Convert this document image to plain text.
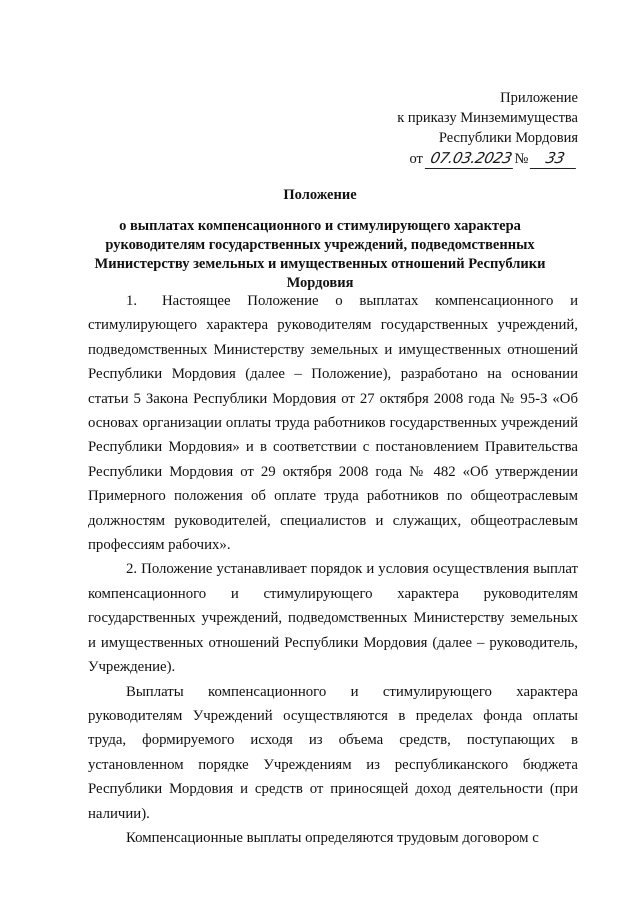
Приложение
к приказу Минземимущества
Республики Мордовия
от 07.03.2023 № 33
Положение
о выплатах компенсационного и стимулирующего характера руководителям государственных учреждений, подведомственных Министерству земельных и имущественных отношений Республики Мордовия

1. Настоящее Положение о выплатах компенсационного и стимулирующего характера руководителям государственных учреждений, подведомственных Министерству земельных и имущественных отношений Республики Мордовия (далее – Положение), разработано на основании статьи 5 Закона Республики Мордовия от 27 октября 2008 года № 95-З «Об основах организации оплаты труда работников государственных учреждений Республики Мордовия» и в соответствии с постановлением Правительства Республики Мордовия от 29 октября 2008 года № 482 «Об утверждении Примерного положения об оплате труда работников по общеотраслевым должностям руководителей, специалистов и служащих, общеотраслевым профессиям рабочих».

2. Положение устанавливает порядок и условия осуществления выплат компенсационного и стимулирующего характера руководителям государственных учреждений, подведомственных Министерству земельных и имущественных отношений Республики Мордовия (далее – руководитель, Учреждение).

Выплаты компенсационного и стимулирующего характера руководителям Учреждений осуществляются в пределах фонда оплаты труда, формируемого исходя из объема средств, поступающих в установленном порядке Учреждениям из республиканского бюджета Республики Мордовия и средств от приносящей доход деятельности (при наличии).

Компенсационные выплаты определяются трудовым договором с
